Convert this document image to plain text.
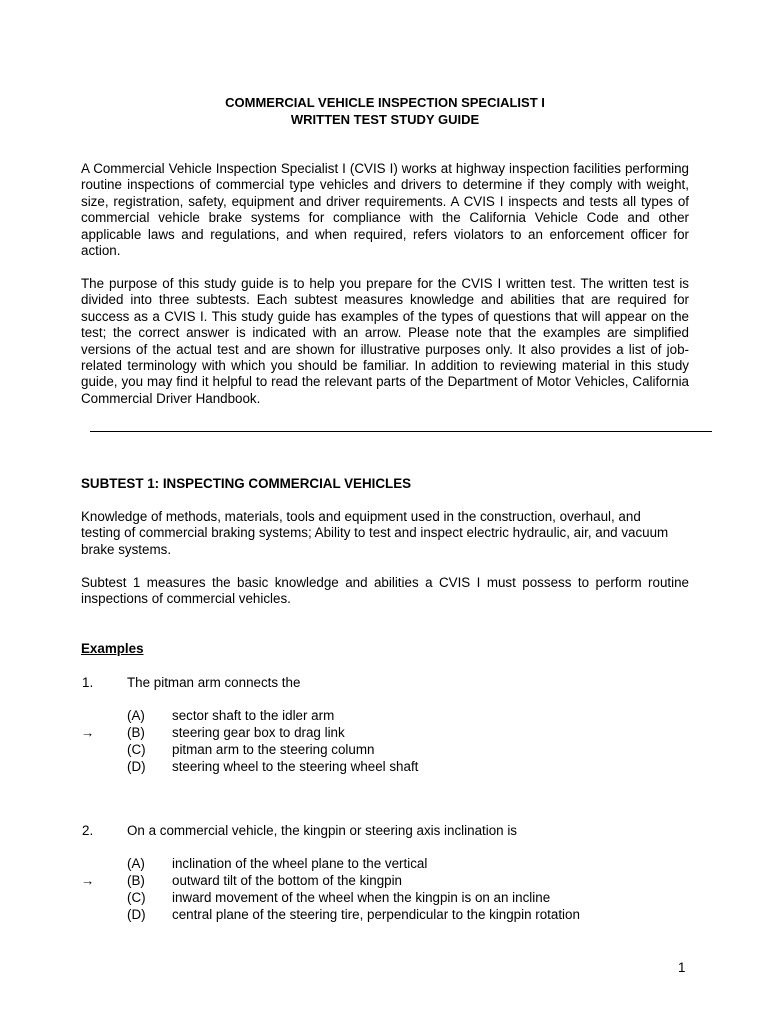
COMMERCIAL VEHICLE INSPECTION SPECIALIST I
WRITTEN TEST STUDY GUIDE

A Commercial Vehicle Inspection Specialist I (CVIS I) works at highway inspection facilities performing routine inspections of commercial type vehicles and drivers to determine if they comply with weight, size, registration, safety, equipment and driver requirements. A CVIS I inspects and tests all types of commercial vehicle brake systems for compliance with the California Vehicle Code and other applicable laws and regulations, and when required, refers violators to an enforcement officer for action.

The purpose of this study guide is to help you prepare for the CVIS I written test. The written test is divided into three subtests. Each subtest measures knowledge and abilities that are required for success as a CVIS I. This study guide has examples of the types of questions that will appear on the test; the correct answer is indicated with an arrow. Please note that the examples are simplified versions of the actual test and are shown for illustrative purposes only. It also provides a list of job-related terminology with which you should be familiar. In addition to reviewing material in this study guide, you may find it helpful to read the relevant parts of the Department of Motor Vehicles, California Commercial Driver Handbook.

SUBTEST 1: INSPECTING COMMERCIAL VEHICLES

Knowledge of methods, materials, tools and equipment used in the construction, overhaul, and testing of commercial braking systems; Ability to test and inspect electric hydraulic, air, and vacuum brake systems.

Subtest 1 measures the basic knowledge and abilities a CVIS I must possess to perform routine inspections of commercial vehicles.

Examples
1.	The pitman arm connects the
(A) sector shaft to the idler arm
→ (B) steering gear box to drag link
(C) pitman arm to the steering column
(D) steering wheel to the steering wheel shaft
2.	On a commercial vehicle, the kingpin or steering axis inclination is
(A) inclination of the wheel plane to the vertical
→ (B) outward tilt of the bottom of the kingpin
(C) inward movement of the wheel when the kingpin is on an incline
(D) central plane of the steering tire, perpendicular to the kingpin rotation
1
